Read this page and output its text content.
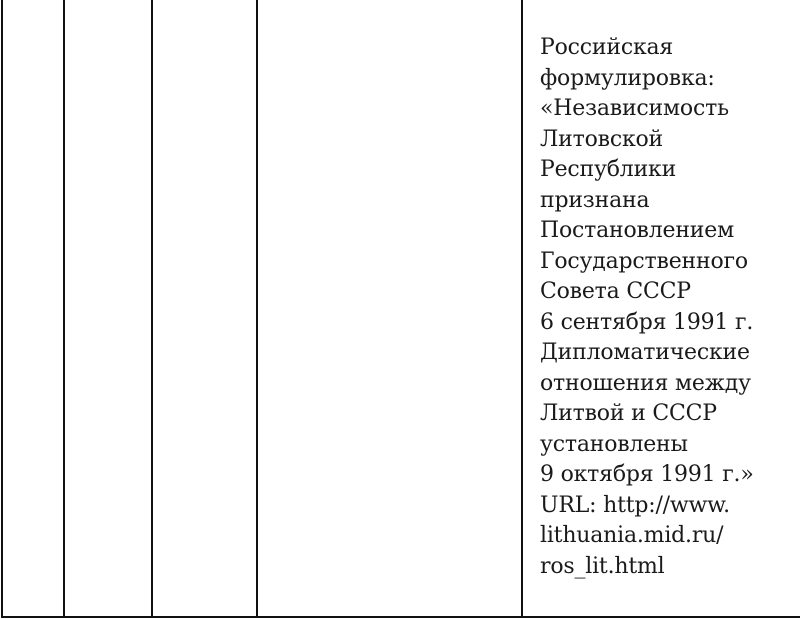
Российская
формулировка:
«Независимость
Литовской
Республики
признана
Постановлением
Государственного
Совета СССР
6 сентября 1991 г.
Дипломатические
отношения между
Литвой и СССР
установлены
9 октября 1991 г.»
URL: http://www.
lithuania.mid.ru/
ros_lit.html
